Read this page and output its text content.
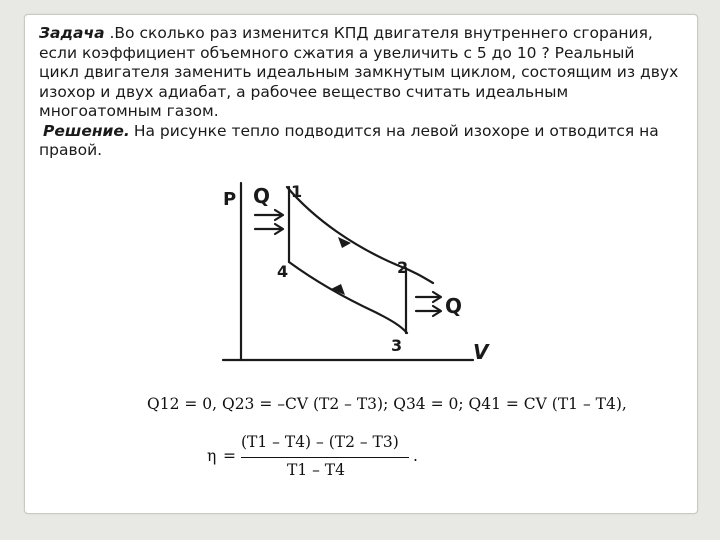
Задача .Во сколько раз изменится КПД двигателя внутреннего сгорания, если коэффициент объемного сжатия а увеличить с 5 до 10 ? Реальный цикл двигателя заменить идеальным замкнутым циклом, состоящим из двух изохор и двух адиабат, а рабочее вещество считать идеальным многоатомным газом.

Решение. На рисунке тепло подводится на левой изохоре и отводится на правой.

P
V
Q
Q
1
2
3
4
Q12 = 0, Q23 = –CV (T2 – T3); Q34 = 0; Q41 = CV (T1 – T4),
η =
(T1 – T4) – (T2 – T3)
T1 – T4
.
